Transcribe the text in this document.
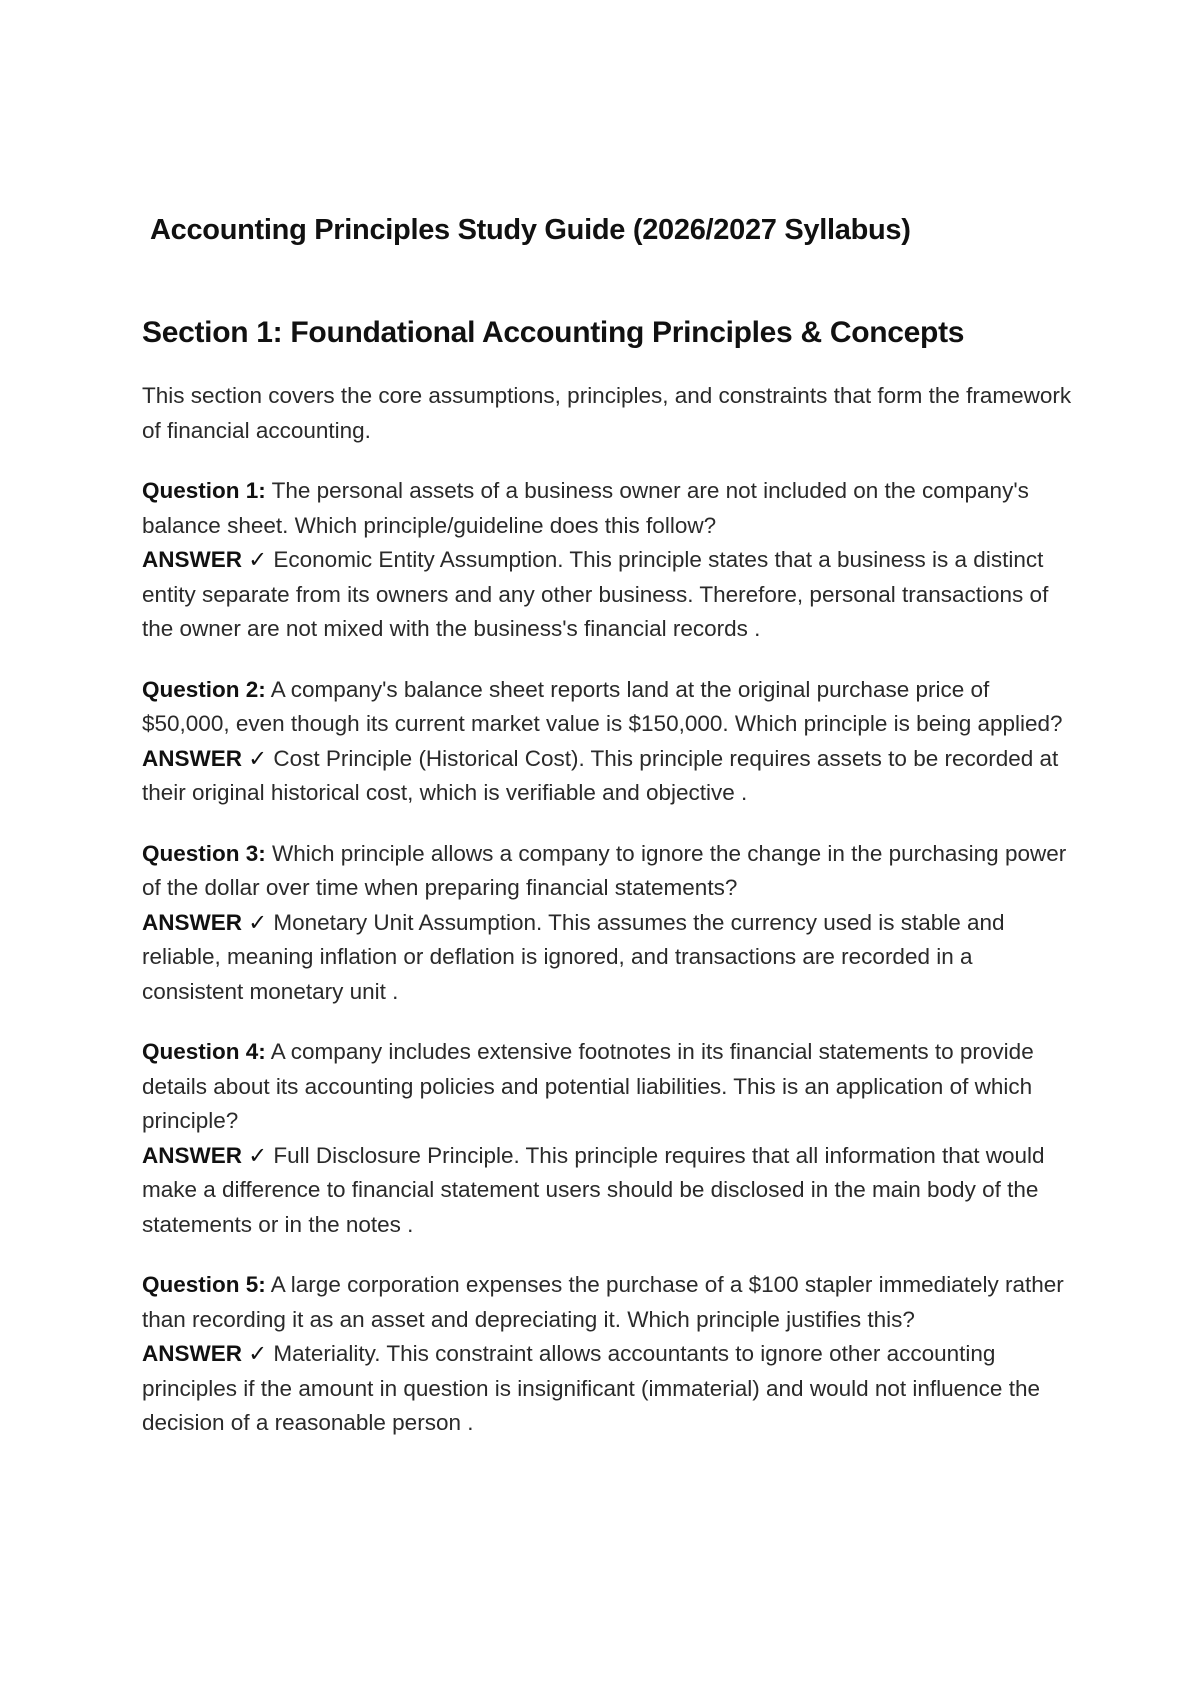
Accounting Principles Study Guide (2026/2027 Syllabus)
Section 1: Foundational Accounting Principles & Concepts

This section covers the core assumptions, principles, and constraints that form the framework of financial accounting.

Question 1: The personal assets of a business owner are not included on the company's balance sheet. Which principle/guideline does this follow?

ANSWER ✓ Economic Entity Assumption. This principle states that a business is a distinct entity separate from its owners and any other business. Therefore, personal transactions of the owner are not mixed with the business's financial records .

Question 2: A company's balance sheet reports land at the original purchase price of $50,000, even though its current market value is $150,000. Which principle is being applied?

ANSWER ✓ Cost Principle (Historical Cost). This principle requires assets to be recorded at their original historical cost, which is verifiable and objective .

Question 3: Which principle allows a company to ignore the change in the purchasing power of the dollar over time when preparing financial statements?

ANSWER ✓ Monetary Unit Assumption. This assumes the currency used is stable and reliable, meaning inflation or deflation is ignored, and transactions are recorded in a consistent monetary unit .

Question 4: A company includes extensive footnotes in its financial statements to provide details about its accounting policies and potential liabilities. This is an application of which principle?

ANSWER ✓ Full Disclosure Principle. This principle requires that all information that would make a difference to financial statement users should be disclosed in the main body of the statements or in the notes .

Question 5: A large corporation expenses the purchase of a $100 stapler immediately rather than recording it as an asset and depreciating it. Which principle justifies this?

ANSWER ✓ Materiality. This constraint allows accountants to ignore other accounting principles if the amount in question is insignificant (immaterial) and would not influence the decision of a reasonable person .
